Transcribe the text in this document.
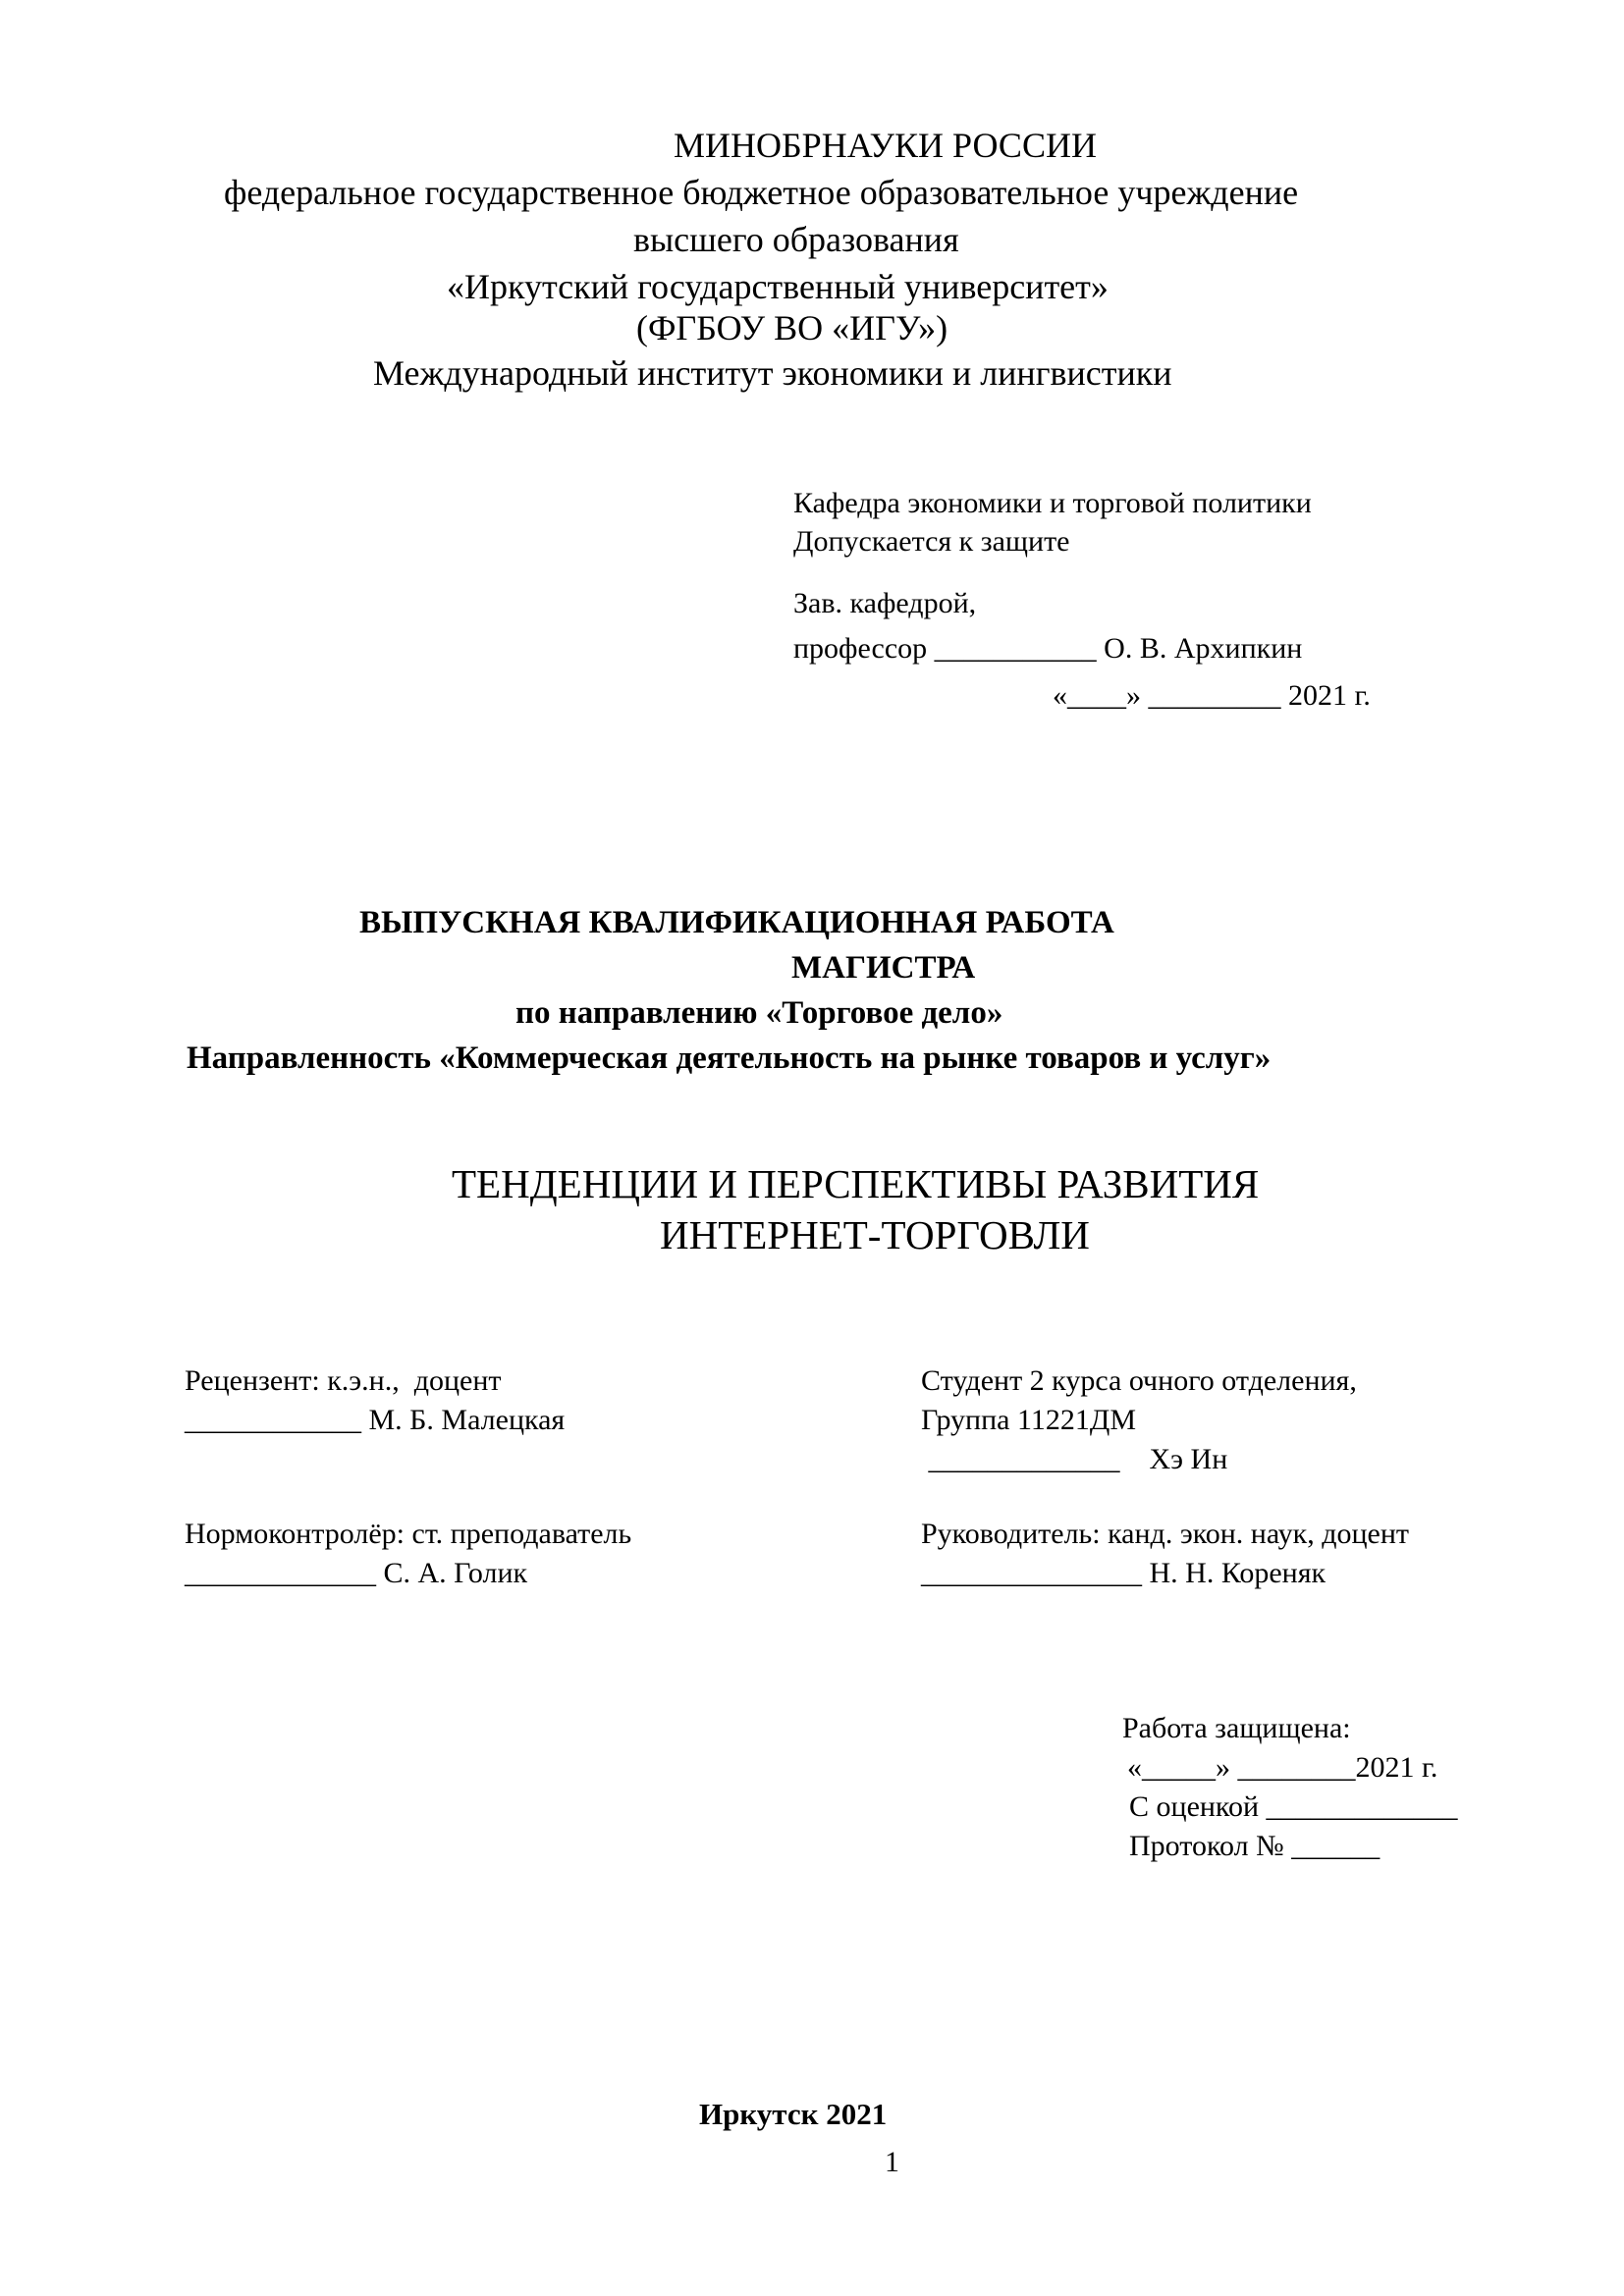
МИНОБРНАУКИ РОССИИ
федеральное государственное бюджетное образовательное учреждение
высшего образования
«Иркутский государственный университет»
(ФГБОУ ВО «ИГУ»)
Международный институт экономики и лингвистики
Кафедра экономики и торговой политики
Допускается к защите
Зав. кафедрой,
профессор ___________ О. В. Архипкин
«____» _________ 2021 г.
ВЫПУСКНАЯ КВАЛИФИКАЦИОННАЯ РАБОТА
МАГИСТРА
по направлению «Торговое дело»
Направленность «Коммерческая деятельность на рынке товаров и услуг»
ТЕНДЕНЦИИ И ПЕРСПЕКТИВЫ РАЗВИТИЯ
ИНТЕРНЕТ-ТОРГОВЛИ
Рецензент: к.э.н.,  доцент
____________ М. Б. Малецкая
Нормоконтролёр: ст. преподаватель
_____________ С. А. Голик
Студент 2 курса очного отделения,
Группа 11221ДМ
_____________    Хэ Ин
Руководитель: канд. экон. наук, доцент
_______________ Н. Н. Кореняк
Работа защищена:
«_____» ________2021 г.
С оценкой _____________
Протокол № ______
Иркутск 2021
1
